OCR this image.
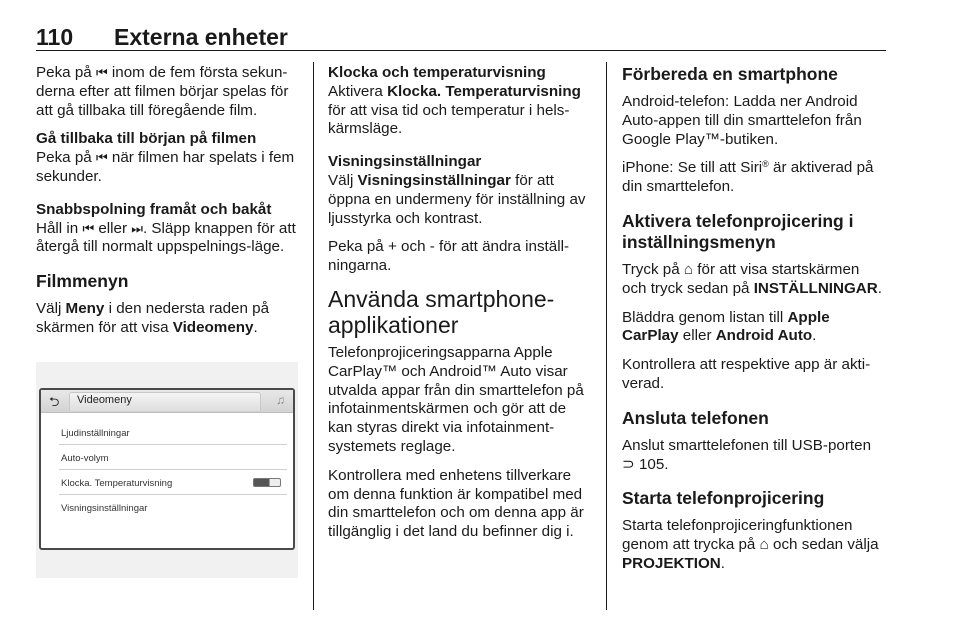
110 Externa enheter

Peka på ⏮ inom de fem första sekun-derna efter att filmen börjar spelas för att gå tillbaka till föregående film.

Gå tillbaka till början på filmen

Peka på ⏮ när filmen har spelats i fem sekunder.

Snabbspolning framåt och bakåt

Håll in ⏮ eller ⏭. Släpp knappen för att återgå till normalt uppspelnings-läge.

Filmmenyn

Välj Meny i den nedersta raden på skärmen för att visa Videomeny.

⮌ Videomeny	♫
Ljudinställningar
Auto-volym
Klocka. Temperaturvisning
Visningsinställningar
Klocka och temperaturvisning

Aktivera Klocka. Temperaturvisning för att visa tid och temperatur i hels-kärmsläge.

Visningsinställningar

Välj Visningsinställningar för att öppna en undermeny för inställning av ljusstyrka och kontrast.

Peka på + och - för att ändra inställ-ningarna.

Använda smartphone-applikationer

Telefonprojiceringsapparna Apple CarPlay™ och Android™ Auto visar utvalda appar från din smarttelefon på infotainmentskärmen och gör att de kan styras direkt via infotainment-systemets reglage.

Kontrollera med enhetens tillverkare om denna funktion är kompatibel med din smarttelefon och om denna app är tillgänglig i det land du befinner dig i.

Förbereda en smartphone

Android-telefon: Ladda ner Android Auto-appen till din smarttelefon från Google Play™-butiken.

iPhone: Se till att Siri® är aktiverad på din smarttelefon.

Aktivera telefonprojicering i inställningsmenyn

Tryck på ⌂ för att visa startskärmen och tryck sedan på INSTÄLLNINGAR.

Bläddra genom listan till Apple CarPlay eller Android Auto.

Kontrollera att respektive app är akti-verad.

Ansluta telefonen

Anslut smarttelefonen till USB-porten ⊃ 105.

Starta telefonprojicering

Starta telefonprojiceringfunktionen genom att trycka på ⌂ och sedan välja PROJEKTION.
